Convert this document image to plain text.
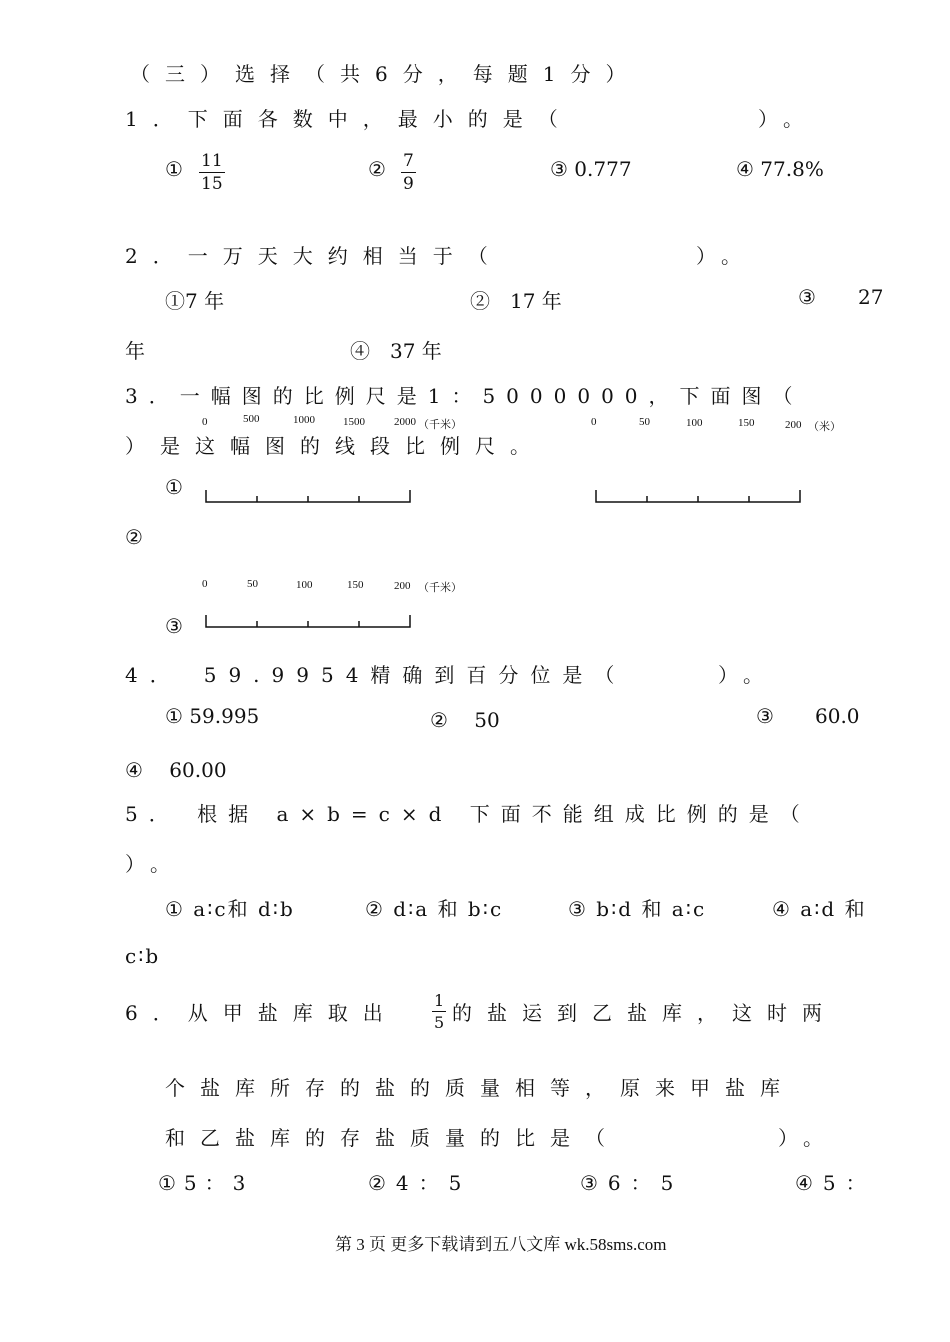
（三）选择（共6分，每题1分）
1．下面各数中，最小的是（	）。
① $\frac{11}{15}$	② $\frac{7}{9}$	③ 0.777	④ 77.8%
2．一万天大约相当于（	）。
①7 年	②　17 年	③ 27
年	④　37 年
3．一幅图的比例尺是1：5000000，下面图（
）是这幅图的线段比例尺。
0	500	1000	1500	2000 （千米）	0	50	100	150	200 （米）
①
②
0	50	100	150	200 （千米）
③
4．　59.9954精确到百分位是（	）。
① 59.995	②　 50	③ 60.0
④　 60.00
5． 根据 a×b=c×d 下面不能组成比例的是（
）。
① a∶c和 d∶b	② d∶a 和 b∶c	③ b∶d 和 a∶c	④ a∶d 和
c∶b
6．从甲盐库取出 $\frac{1}{5}$ 的盐运到乙盐库，这时两
个盐库所存的盐的质量相等，原来甲盐库
和乙盐库的存盐质量的比是（	）。
①5：3	②4：5	③6：5	④5：
第 3 页 更多下载请到五八文库 wk.58sms.com
